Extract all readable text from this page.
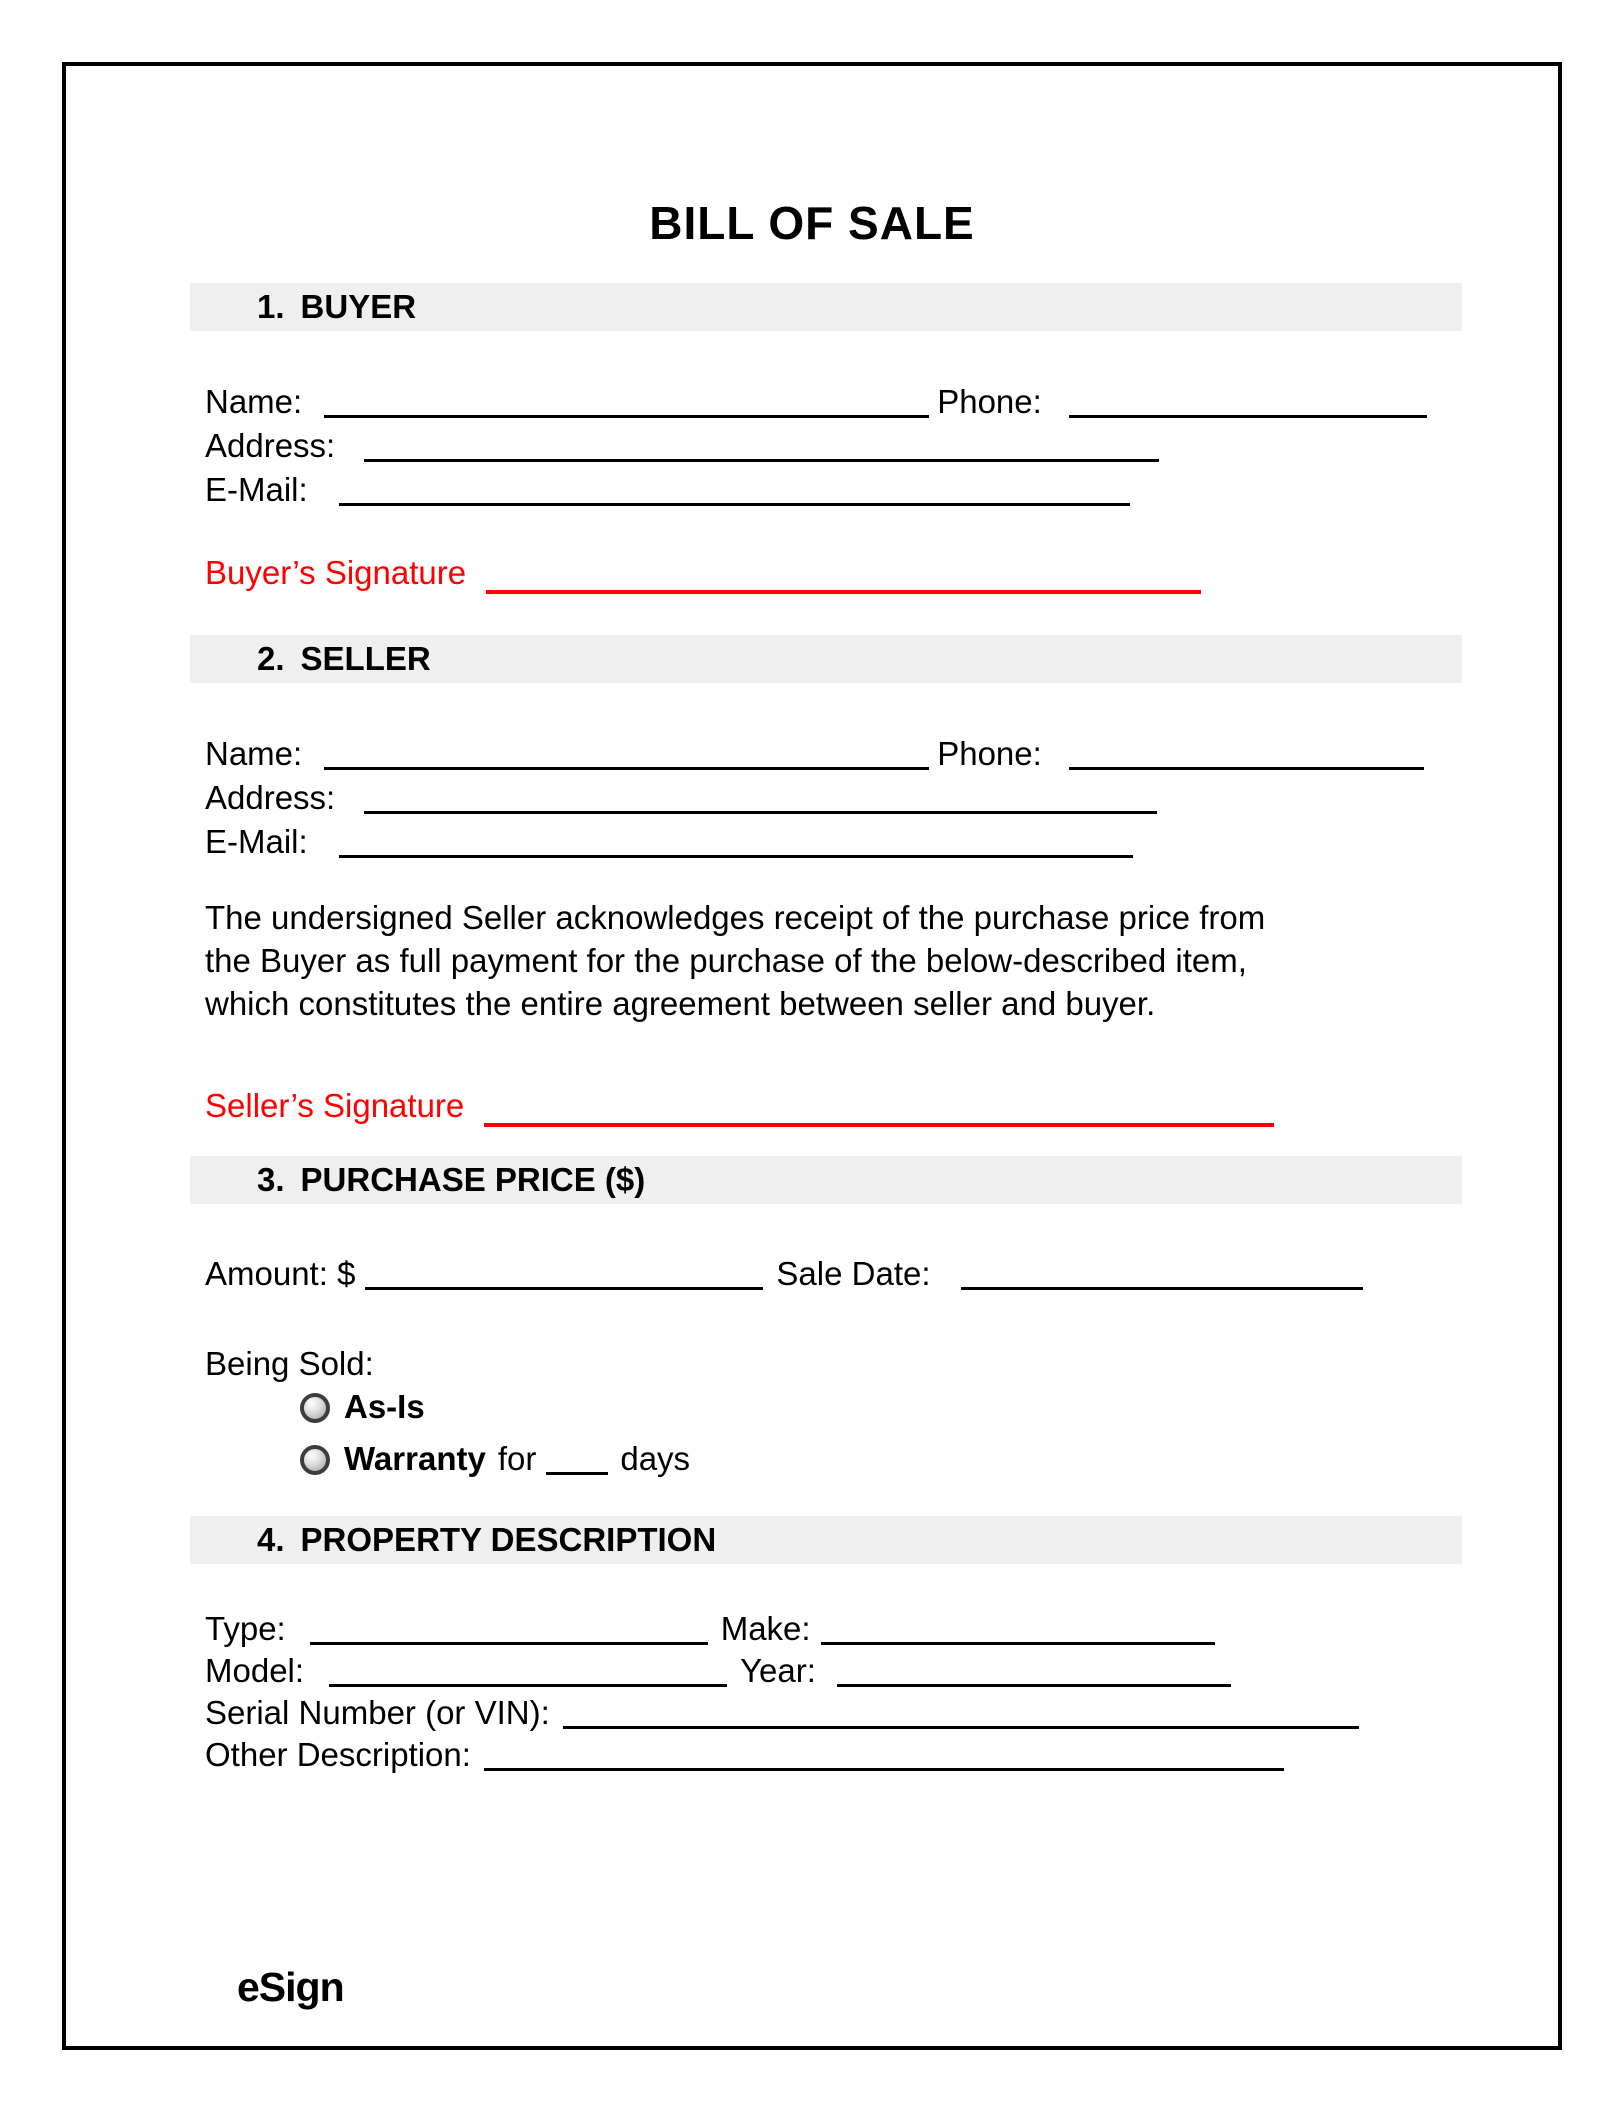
BILL OF SALE
1. BUYER
Name:	Phone:
Address:
E-Mail:
Buyer’s Signature
2. SELLER
Name:	Phone:
Address:
E-Mail:
The undersigned Seller acknowledges receipt of the purchase price from
the Buyer as full payment for the purchase of the below-described item,
which constitutes the entire agreement between seller and buyer.
Seller’s Signature
3. PURCHASE PRICE ($)
Amount: $	Sale Date:
Being Sold:
As-Is
Warranty for	days
4. PROPERTY DESCRIPTION
Type:	Make:
Model:	Year:
Serial Number (or VIN):
Other Description:
eSign
